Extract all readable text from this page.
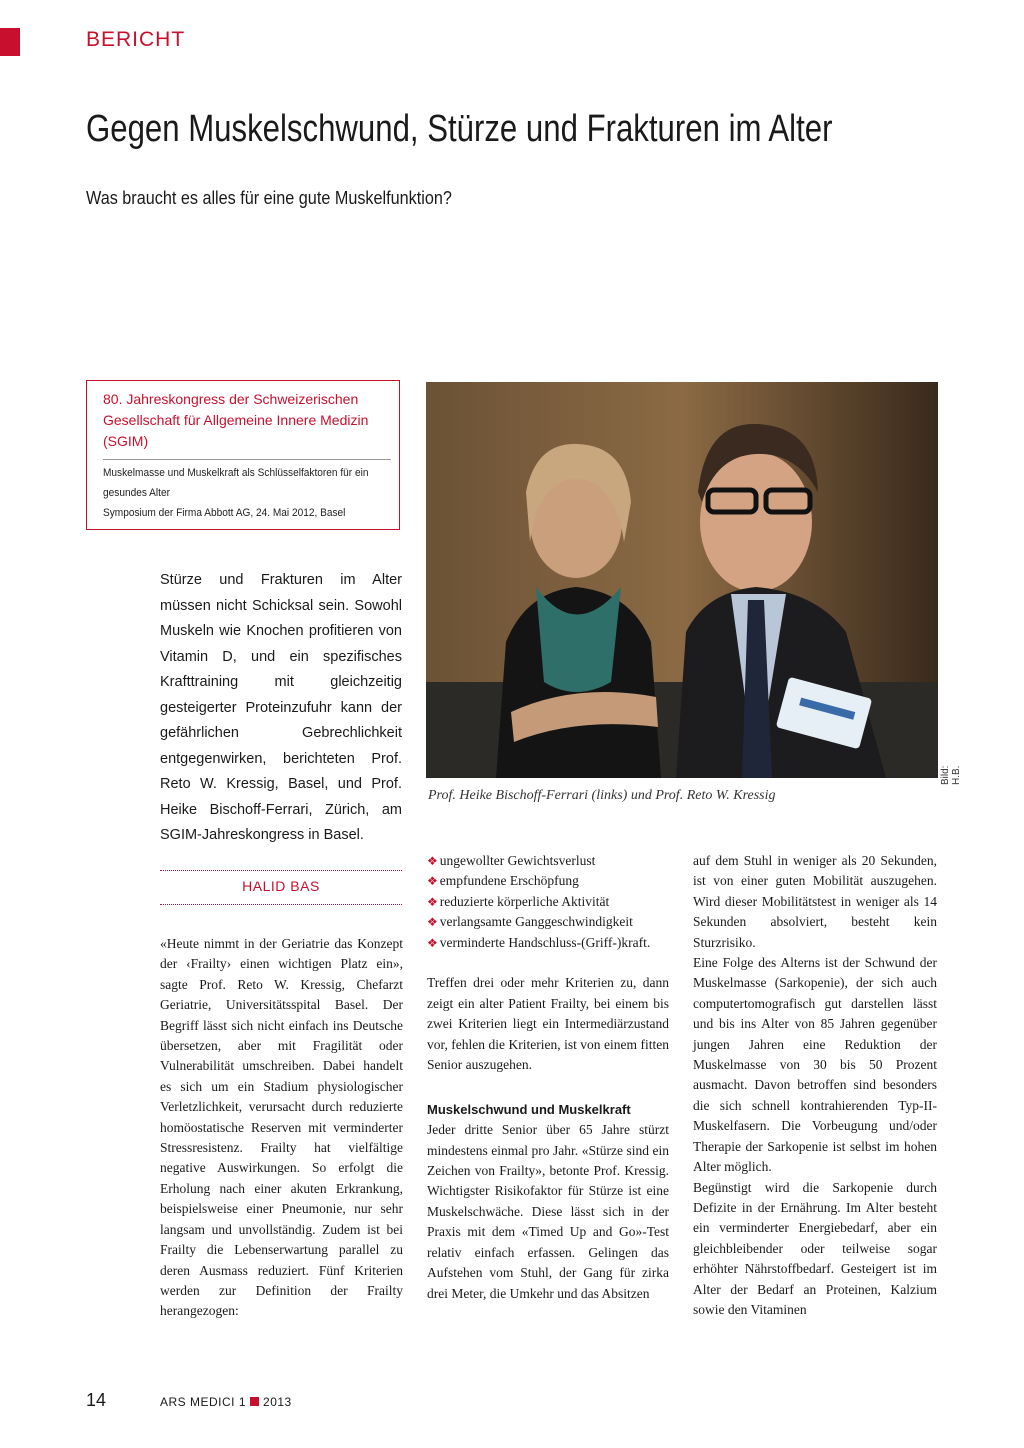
BERICHT
Gegen Muskelschwund, Stürze und Frakturen im Alter
Was braucht es alles für eine gute Muskelfunktion?
80. Jahreskongress der Schweizerischen Gesellschaft für Allgemeine Innere Medizin (SGIM)
Muskelmasse und Muskelkraft als Schlüsselfaktoren für ein gesundes Alter
Symposium der Firma Abbott AG, 24. Mai 2012, Basel
Bild: H.B.
Prof. Heike Bischoff-Ferrari (links) und Prof. Reto W. Kressig
Stürze und Frakturen im Alter müssen nicht Schicksal sein. Sowohl Muskeln wie Knochen profitieren von Vitamin D, und ein spezifisches Krafttraining mit gleichzeitig gesteigerter Proteinzufuhr kann der gefährlichen Gebrechlichkeit entgegenwirken, berichteten Prof. Reto W. Kressig, Basel, und Prof. Heike Bischoff-Ferrari, Zürich, am SGIM-Jahreskongress in Basel.
HALID BAS

«Heute nimmt in der Geriatrie das Konzept der ‹Frailty› einen wichtigen Platz ein», sagte Prof. Reto W. Kressig, Chefarzt Geriatrie, Universitätsspital Basel. Der Begriff lässt sich nicht einfach ins Deutsche übersetzen, aber mit Fragilität oder Vulnerabilität umschreiben. Dabei handelt es sich um ein Stadium physiologischer Verletzlichkeit, verursacht durch reduzierte homöostatische Reserven mit verminderter Stressresistenz. Frailty hat vielfältige negative Auswirkungen. So erfolgt die Erholung nach einer akuten Erkrankung, beispielsweise einer Pneumonie, nur sehr langsam und unvollständig. Zudem ist bei Frailty die Lebenserwartung parallel zu deren Ausmass reduziert. Fünf Kriterien werden zur Definition der Frailty herangezogen:

❖ ungewollter Gewichtsverlust
❖ empfundene Erschöpfung
❖ reduzierte körperliche Aktivität
❖ verlangsamte Ganggeschwindigkeit
❖ verminderte Handschluss-(Griff-)kraft.

Treffen drei oder mehr Kriterien zu, dann zeigt ein alter Patient Frailty, bei einem bis zwei Kriterien liegt ein Intermediärzustand vor, fehlen die Kriterien, ist von einem fitten Senior auszugehen.

Muskelschwund und Muskelkraft

Jeder dritte Senior über 65 Jahre stürzt mindestens einmal pro Jahr. «Stürze sind ein Zeichen von Frailty», betonte Prof. Kressig. Wichtigster Risikofaktor für Stürze ist eine Muskelschwäche. Diese lässt sich in der Praxis mit dem «Timed Up and Go»-Test relativ einfach erfassen. Gelingen das Aufstehen vom Stuhl, der Gang für zirka drei Meter, die Umkehr und das Absitzen

auf dem Stuhl in weniger als 20 Sekunden, ist von einer guten Mobilität auszugehen. Wird dieser Mobilitätstest in weniger als 14 Sekunden absolviert, besteht kein Sturzrisiko.

Eine Folge des Alterns ist der Schwund der Muskelmasse (Sarkopenie), der sich auch computertomografisch gut darstellen lässt und bis ins Alter von 85 Jahren gegenüber jungen Jahren eine Reduktion der Muskelmasse von 30 bis 50 Prozent ausmacht. Davon betroffen sind besonders die sich schnell kontrahierenden Typ-II-Muskelfasern. Die Vorbeugung und/oder Therapie der Sarkopenie ist selbst im hohen Alter möglich.

Begünstigt wird die Sarkopenie durch Defizite in der Ernährung. Im Alter besteht ein verminderter Energiebedarf, aber ein gleichbleibender oder teilweise sogar erhöhter Nährstoffbedarf. Gesteigert ist im Alter der Bedarf an Proteinen, Kalzium sowie den Vitaminen

14	ARS MEDICI 1 2013
